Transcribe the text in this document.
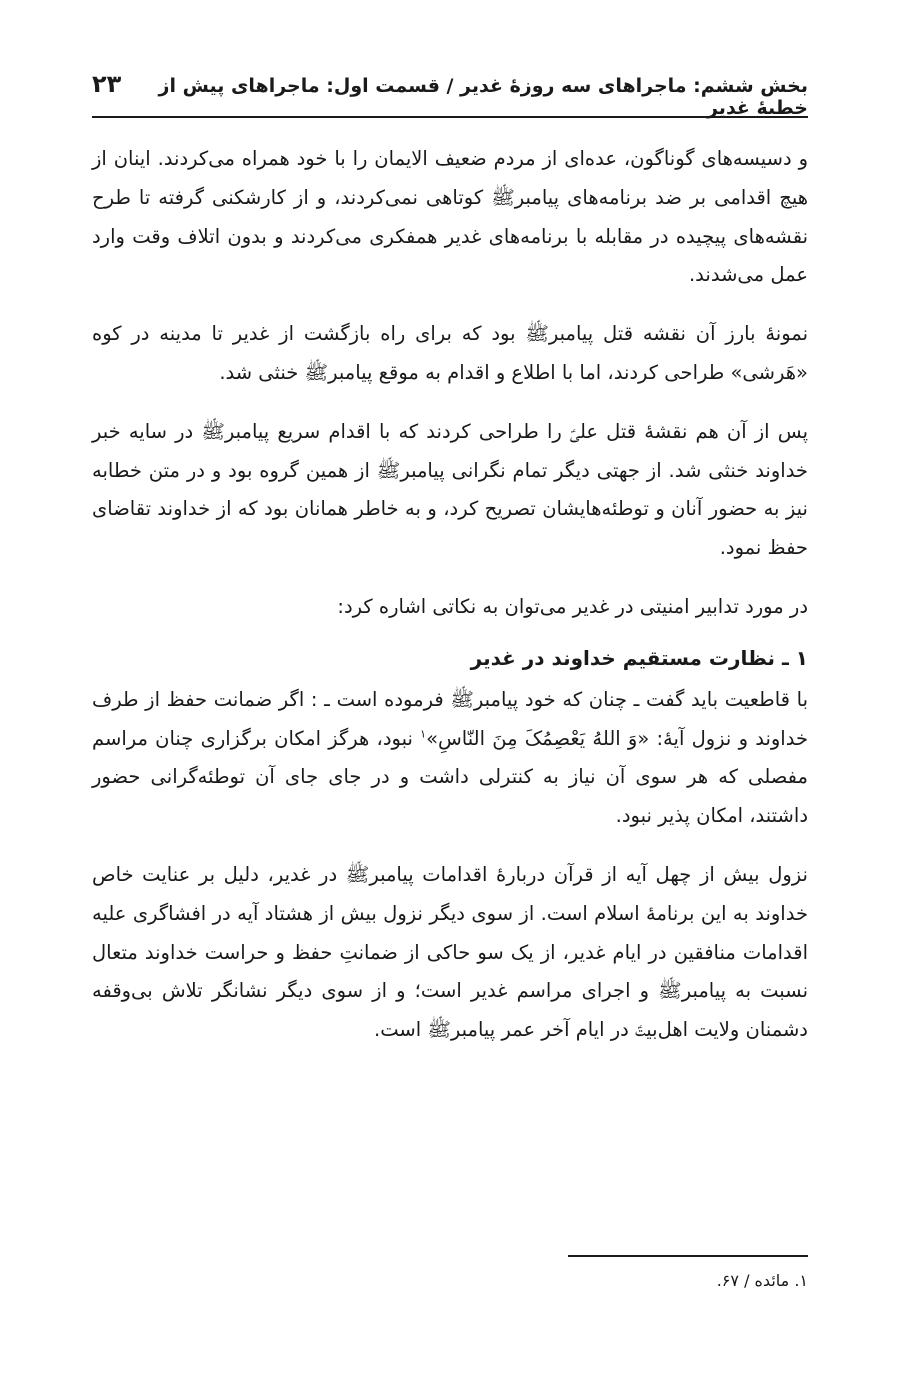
بخش ششم: ماجراهای سه روزهٔ غدیر / قسمت اول: ماجراهای پیش از خطبهٔ غدیر
۲۳

و دسیسه‌های گوناگون، عده‌ای از مردم ضعیف الایمان را با خود همراه می‌کردند. اینان از هیچ اقدامی بر ضد برنامه‌های پیامبرﷺ کوتاهی نمی‌کردند، و از کارشکنی گرفته تا طرح نقشه‌های پیچیده در مقابله با برنامه‌های غدیر همفکری می‌کردند و بدون اتلاف وقت وارد عمل می‌شدند.

نمونهٔ بارز آن نقشه قتل پیامبرﷺ بود که برای راه بازگشت از غدیر تا مدینه در کوه «هَرشی» طراحی کردند، اما با اطلاع و اقدام به موقع پیامبرﷺ خنثی شد.

پس از آن هم نقشهٔ قتل علیؑ را طراحی کردند که با اقدام سریع پیامبرﷺ در سایه خبر خداوند خنثی شد. از جهتی دیگر تمام نگرانی پیامبرﷺ از همین گروه بود و در متن خطابه نیز به حضور آنان و توطئه‌هایشان تصریح کرد، و به خاطر همانان بود که از خداوند تقاضای حفظ نمود.

در مورد تدابیر امنیتی در غدیر می‌توان به نکاتی اشاره کرد:

۱ ـ نظارت مستقیم خداوند در غدیر

با قاطعیت باید گفت ـ چنان که خود پیامبرﷺ فرموده است ـ : اگر ضمانت حفظ از طرف خداوند و نزول آیهٔ: «وَ اللهُ يَعْصِمُکَ مِنَ النّاسِ»$^۱$ نبود، هرگز امکان برگزاری چنان مراسم مفصلی که هر سوی آن نیاز به کنترلی داشت و در جای جای آن توطئه‌گرانی حضور داشتند، امکان پذیر نبود.

نزول بیش از چهل آیه از قرآن دربارهٔ اقدامات پیامبرﷺ در غدیر، دلیل بر عنایت خاص خداوند به این برنامهٔ اسلام است. از سوی دیگر نزول بیش از هشتاد آیه در افشاگری علیه اقدامات منافقین در ایام غدیر، از یک سو حاکی از ضمانتِ حفظ و حراست خداوند متعال نسبت به پیامبرﷺ و اجرای مراسم غدیر است؛ و از سوی دیگر نشانگر تلاش بی‌وقفه دشمنان ولایت اهل‌بیتؑ در ایام آخر عمر پیامبرﷺ است.

۱. مائده / ۶۷.
